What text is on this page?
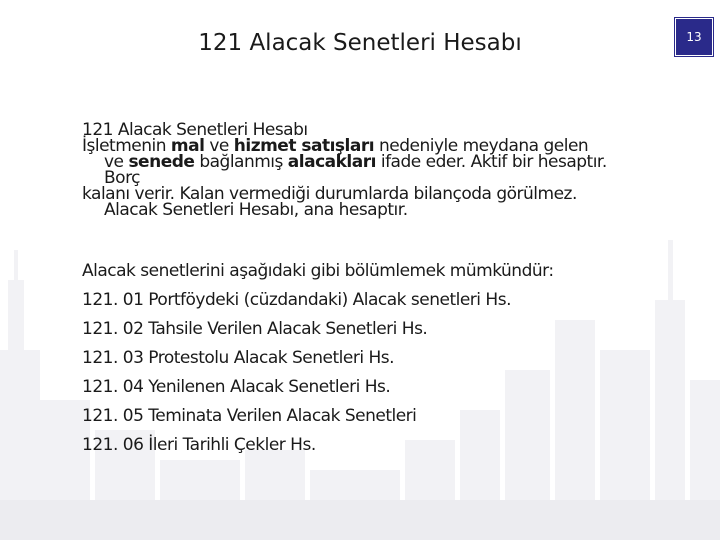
121 Alacak Senetleri Hesabı	13

121 Alacak Senetleri Hesabı

İşletmenin mal ve hizmet satışları nedeniyle meydana gelen

ve senede bağlanmış alacakları ifade eder. Aktif bir hesaptır.

Borç

kalanı verir. Kalan vermediği durumlarda bilançoda görülmez.

Alacak Senetleri Hesabı, ana hesaptır.

Alacak senetlerini aşağıdaki gibi bölümlemek mümkündür:

121. 01 Portföydeki (cüzdandaki) Alacak senetleri Hs.

121. 02 Tahsile Verilen Alacak Senetleri Hs.

121. 03 Protestolu Alacak Senetleri Hs.

121. 04 Yenilenen Alacak Senetleri Hs.

121. 05 Teminata Verilen Alacak Senetleri

121. 06 İleri Tarihli Çekler Hs.
